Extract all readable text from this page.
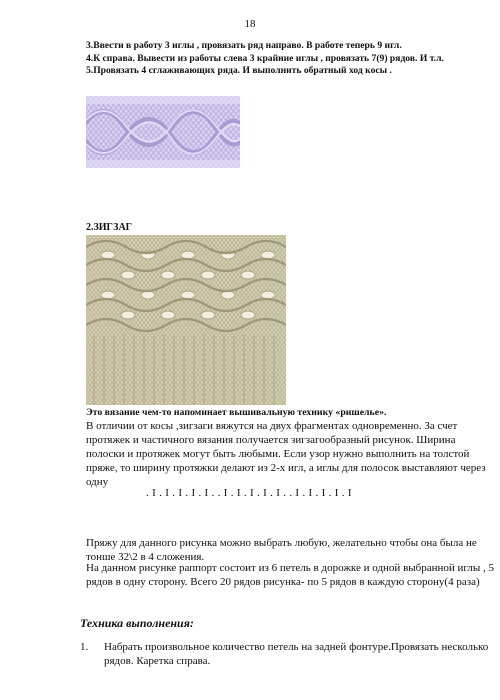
18
3.Ввести в работу 3 иглы , провязать ряд направо. В работе теперь 9 игл.
4.К справа. Вывести из работы слева 3 крайние иглы , провязать 7(9) рядов. И т.л.
5.Провязать 4 сглаживающих ряда. И выполнить обратный ход косы .
2.ЗИГЗАГ
Это вязание чем-то напоминает вышивальную технику «ришелье».
В отличии от косы ,зигзаги вяжутся на двух фрагментах одновременно. За счет протяжек и частичного вязания получается зигзагообразный рисунок. Ширина полоски и протяжек могут быть любыми. Если узор нужно выполнить на толстой пряже, то ширину протяжки делают из 2-х игл, а иглы для полосок выставляют через одну
. I . I . I . I . I . . I . I . I . I . I . . I . I . I . I . I
Пряжу для данного рисунка можно выбрать любую, желательно чтобы она была не тонше 32\2 в 4 сложения.
На данном рисунке раппорт состоит из 6 петель в дорожке и одной выбранной иглы , 5 рядов в одну сторону. Всего 20 рядов рисунка- по 5 рядов в каждую сторону(4 раза)
Техника выполнения:
1. Набрать произвольное количество петель на задней фонтуре.Провязать несколько рядов. Каретка справа.
